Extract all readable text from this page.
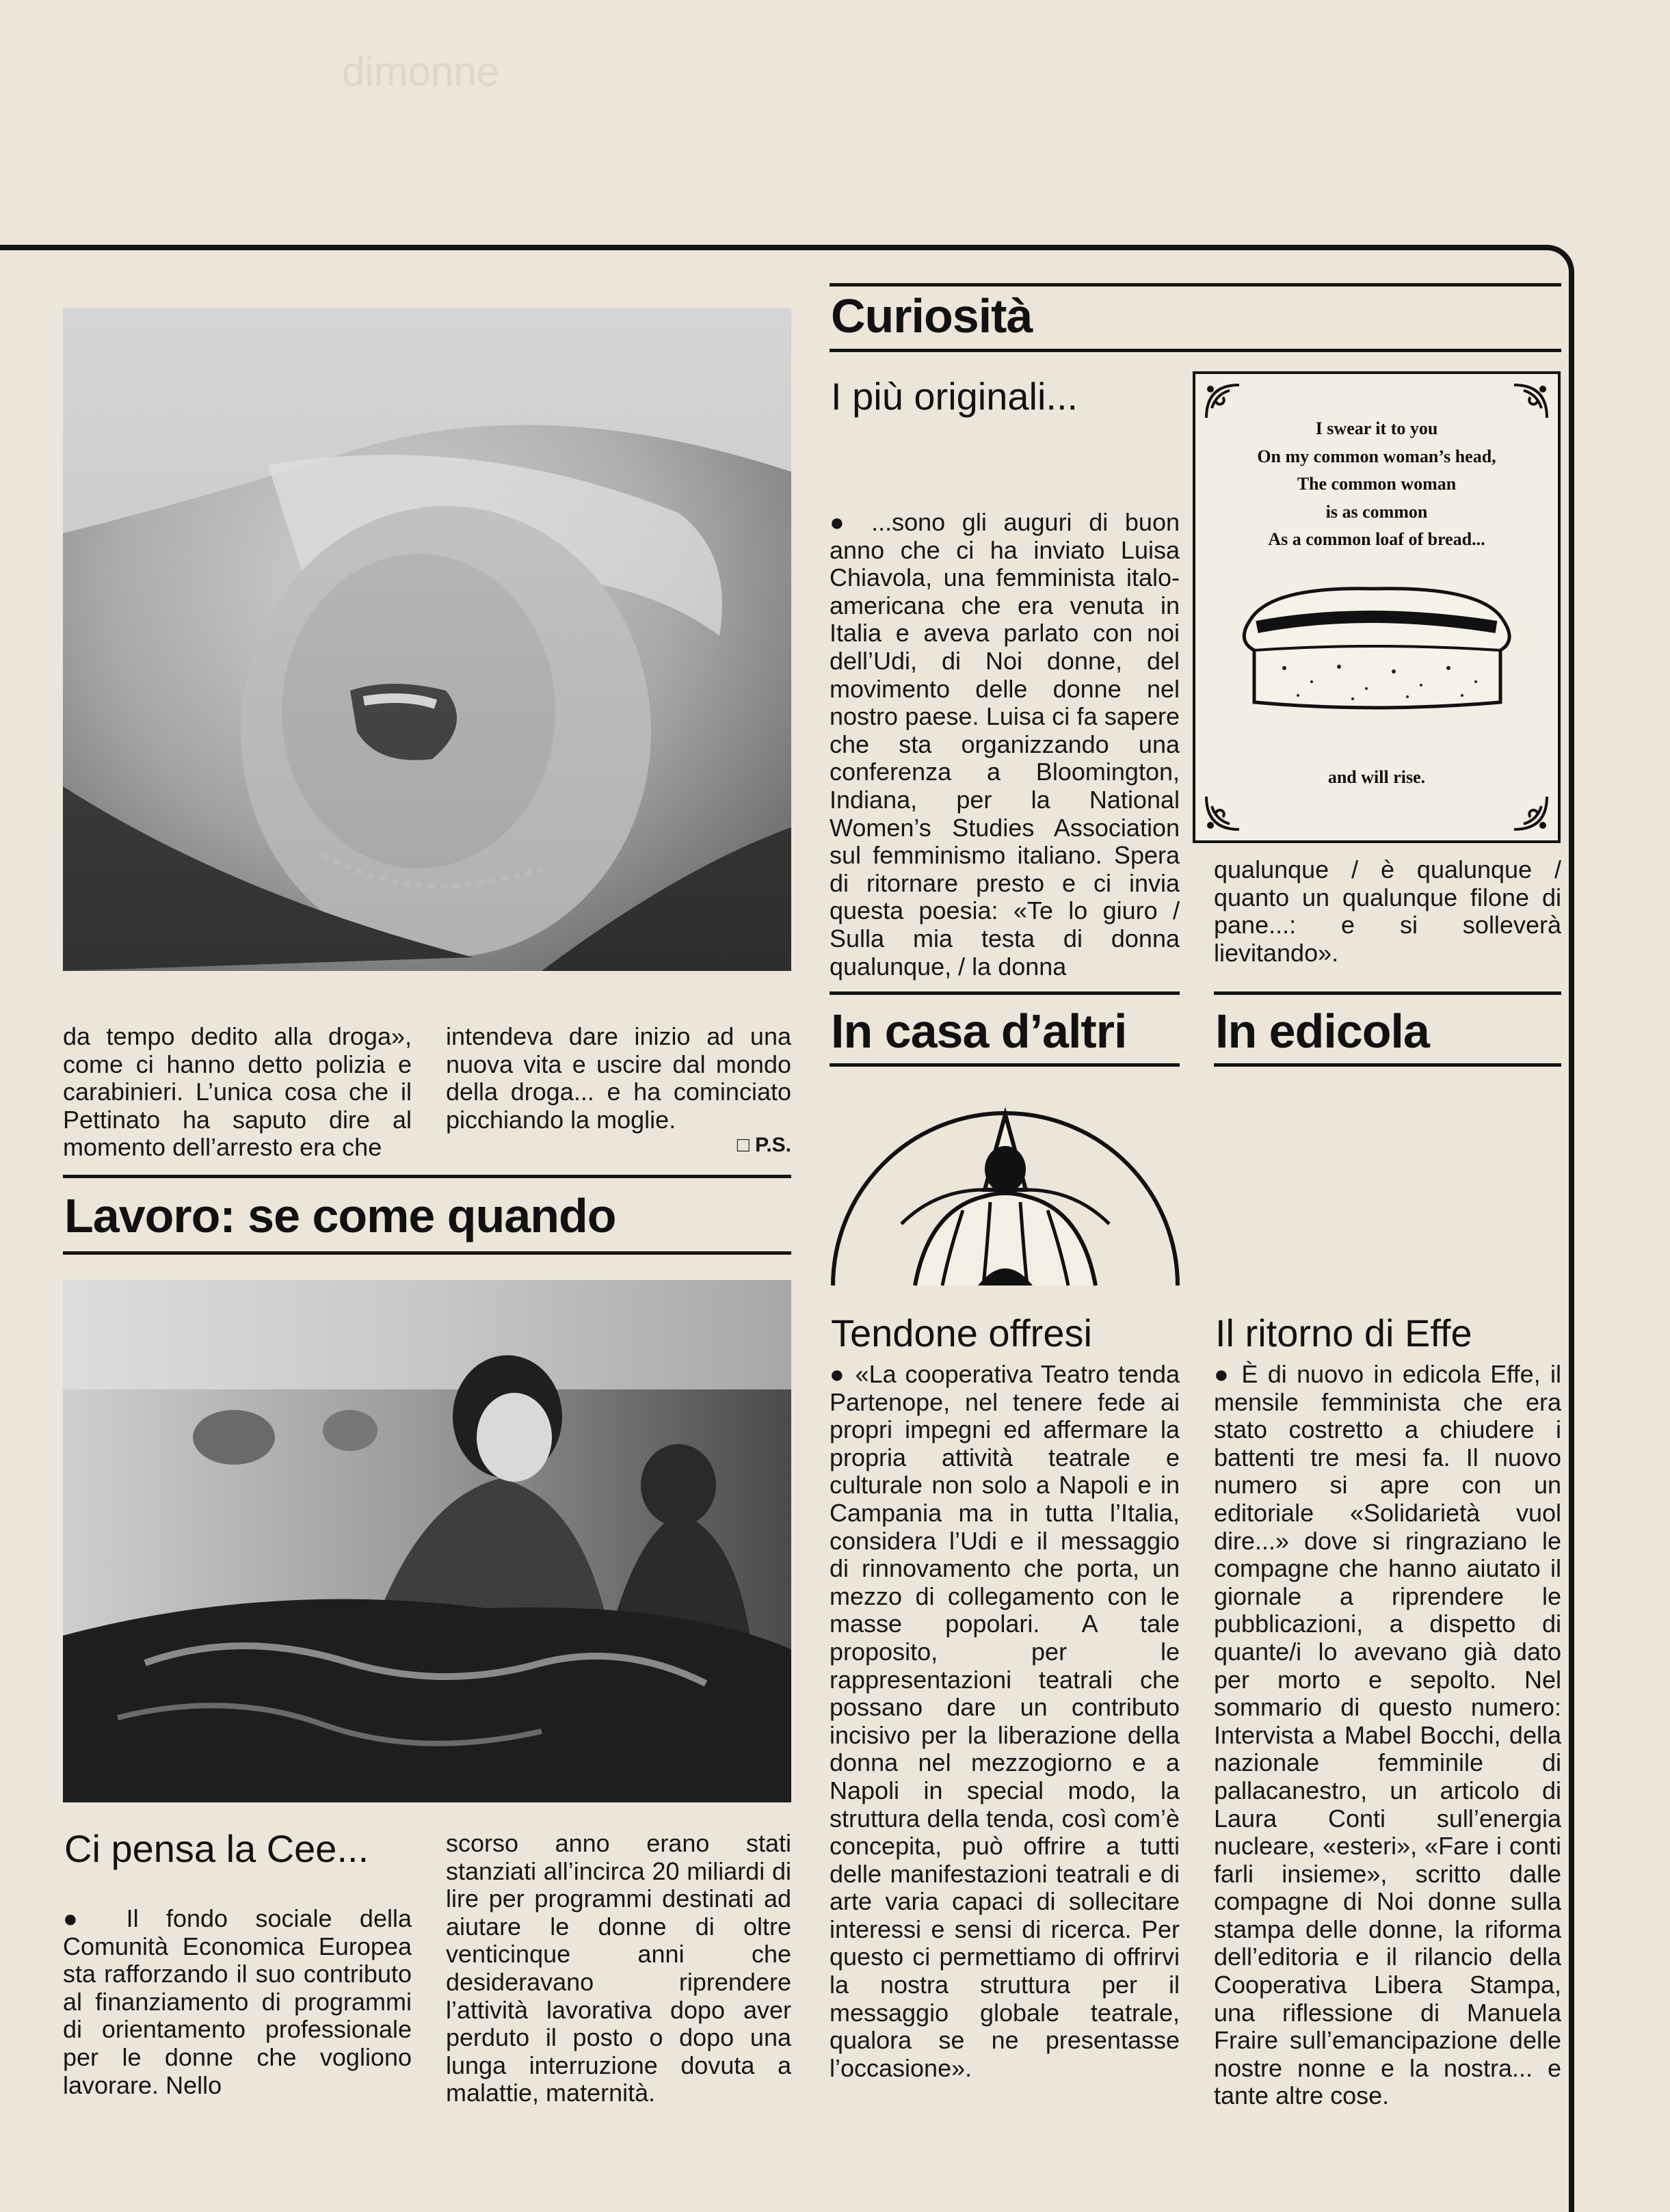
dimonne

da tempo dedito alla droga», come ci hanno detto polizia e carabinieri. L’unica cosa che il Pettinato ha saputo dire al momento dell’arresto era che

intendeva dare inizio ad una nuova vita e uscire dal mondo della droga... e ha cominciato picchiando la moglie.

□ P.S.

Lavoro: se come quando
Ci pensa la Cee...

● Il fondo sociale della Comunità Economica Europea sta rafforzando il suo contributo al finanziamento di programmi di orientamento professionale per le donne che vogliono lavorare. Nello

scorso anno erano stati stanziati all’incirca 20 miliardi di lire per programmi destinati ad aiutare le donne di oltre venticinque anni che desideravano riprendere l’attività lavorativa dopo aver perduto il posto o dopo una lunga interruzione dovuta a malattie, maternità.

Curiosità
I più originali...

● ...sono gli auguri di buon anno che ci ha inviato Luisa Chiavola, una femminista italo-americana che era venuta in Italia e aveva parlato con noi dell’Udi, di Noi donne, del movimento delle donne nel nostro paese. Luisa ci fa sapere che sta organizzando una conferenza a Bloomington, Indiana, per la National Women’s Studies Association sul femminismo italiano. Spera di ritornare presto e ci invia questa poesia: «Te lo giuro / Sulla mia testa di donna qualunque, / la donna

I swear it to you
On my common woman’s head,
The common woman
is as common
As a common loaf of bread...
and will rise.

qualunque / è qualunque / quanto un qualunque filone di pane...: e si solleverà lievitando».

In casa d’altri
Tendone offresi

● «La cooperativa Teatro tenda Partenope, nel tenere fede ai propri impegni ed affermare la propria attività teatrale e culturale non solo a Napoli e in Campania ma in tutta l’Italia, considera l’Udi e il messaggio di rinnovamento che porta, un mezzo di collegamento con le masse popolari. A tale proposito, per le rappresentazioni teatrali che possano dare un contributo incisivo per la liberazione della donna nel mezzogiorno e a Napoli in special modo, la struttura della tenda, così com’è concepita, può offrire a tutti delle manifestazioni teatrali e di arte varia capaci di sollecitare interessi e sensi di ricerca. Per questo ci permettiamo di offrirvi la nostra struttura per il messaggio globale teatrale, qualora se ne presentasse l’occasione».

In edicola
Il ritorno di Effe

● È di nuovo in edicola Effe, il mensile femminista che era stato costretto a chiudere i battenti tre mesi fa. Il nuovo numero si apre con un editoriale «Solidarietà vuol dire...» dove si ringraziano le compagne che hanno aiutato il giornale a riprendere le pubblicazioni, a dispetto di quante/i lo avevano già dato per morto e sepolto. Nel sommario di questo numero: Intervista a Mabel Bocchi, della nazionale femminile di pallacanestro, un articolo di Laura Conti sull’energia nucleare, «esteri», «Fare i conti farli insieme», scritto dalle compagne di Noi donne sulla stampa delle donne, la riforma dell’editoria e il rilancio della Cooperativa Libera Stampa, una riflessione di Manuela Fraire sull’emancipazione delle nostre nonne e la nostra... e tante altre cose.
